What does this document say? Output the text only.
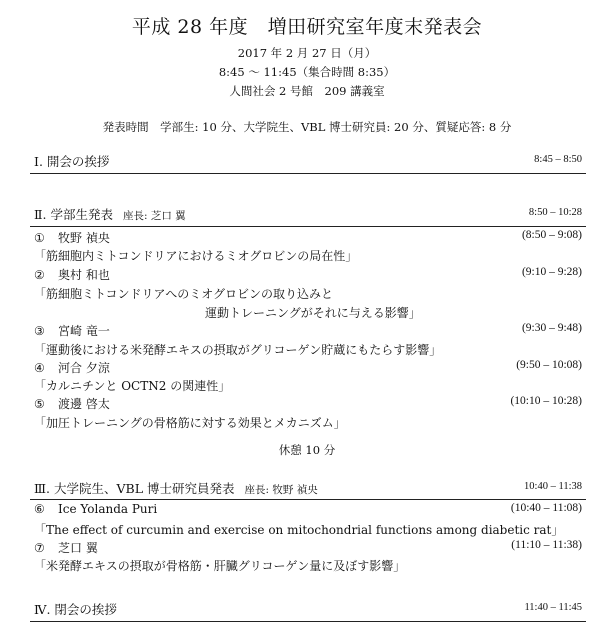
平成 28 年度　増田研究室年度末発表会
2017 年 2 月 27 日（月）
8:45 〜 11:45（集合時間 8:35）
人間社会 2 号館　209 講義室
発表時間　学部生: 10 分、大学院生、VBL 博士研究員: 20 分、質疑応答: 8 分
Ⅰ. 開会の挨拶	8:45 – 8:50
Ⅱ. 学部生発表 座長: 芝口 翼	8:50 – 10:28
① 牧野 禎央	(8:50 – 9:08)
「筋細胞内ミトコンドリアにおけるミオグロビンの局在性」
② 奥村 和也	(9:10 – 9:28)
「筋細胞ミトコンドリアへのミオグロビンの取り込みと
運動トレーニングがそれに与える影響」
③ 宮崎 竜一	(9:30 – 9:48)
「運動後における米発酵エキスの摂取がグリコーゲン貯蔵にもたらす影響」
④ 河合 夕涼	(9:50 – 10:08)
「カルニチンと OCTN2 の関連性」
⑤ 渡邊 啓太	(10:10 – 10:28)
「加圧トレーニングの骨格筋に対する効果とメカニズム」
休憩 10 分
Ⅲ. 大学院生、VBL 博士研究員発表 座長: 牧野 禎央	10:40 – 11:38
⑥ Ice Yolanda Puri	(10:40 – 11:08)
「The effect of curcumin and exercise on mitochondrial functions among diabetic rat」
⑦ 芝口 翼	(11:10 – 11:38)
「米発酵エキスの摂取が骨格筋・肝臓グリコーゲン量に及ぼす影響」
Ⅳ. 閉会の挨拶	11:40 – 11:45
